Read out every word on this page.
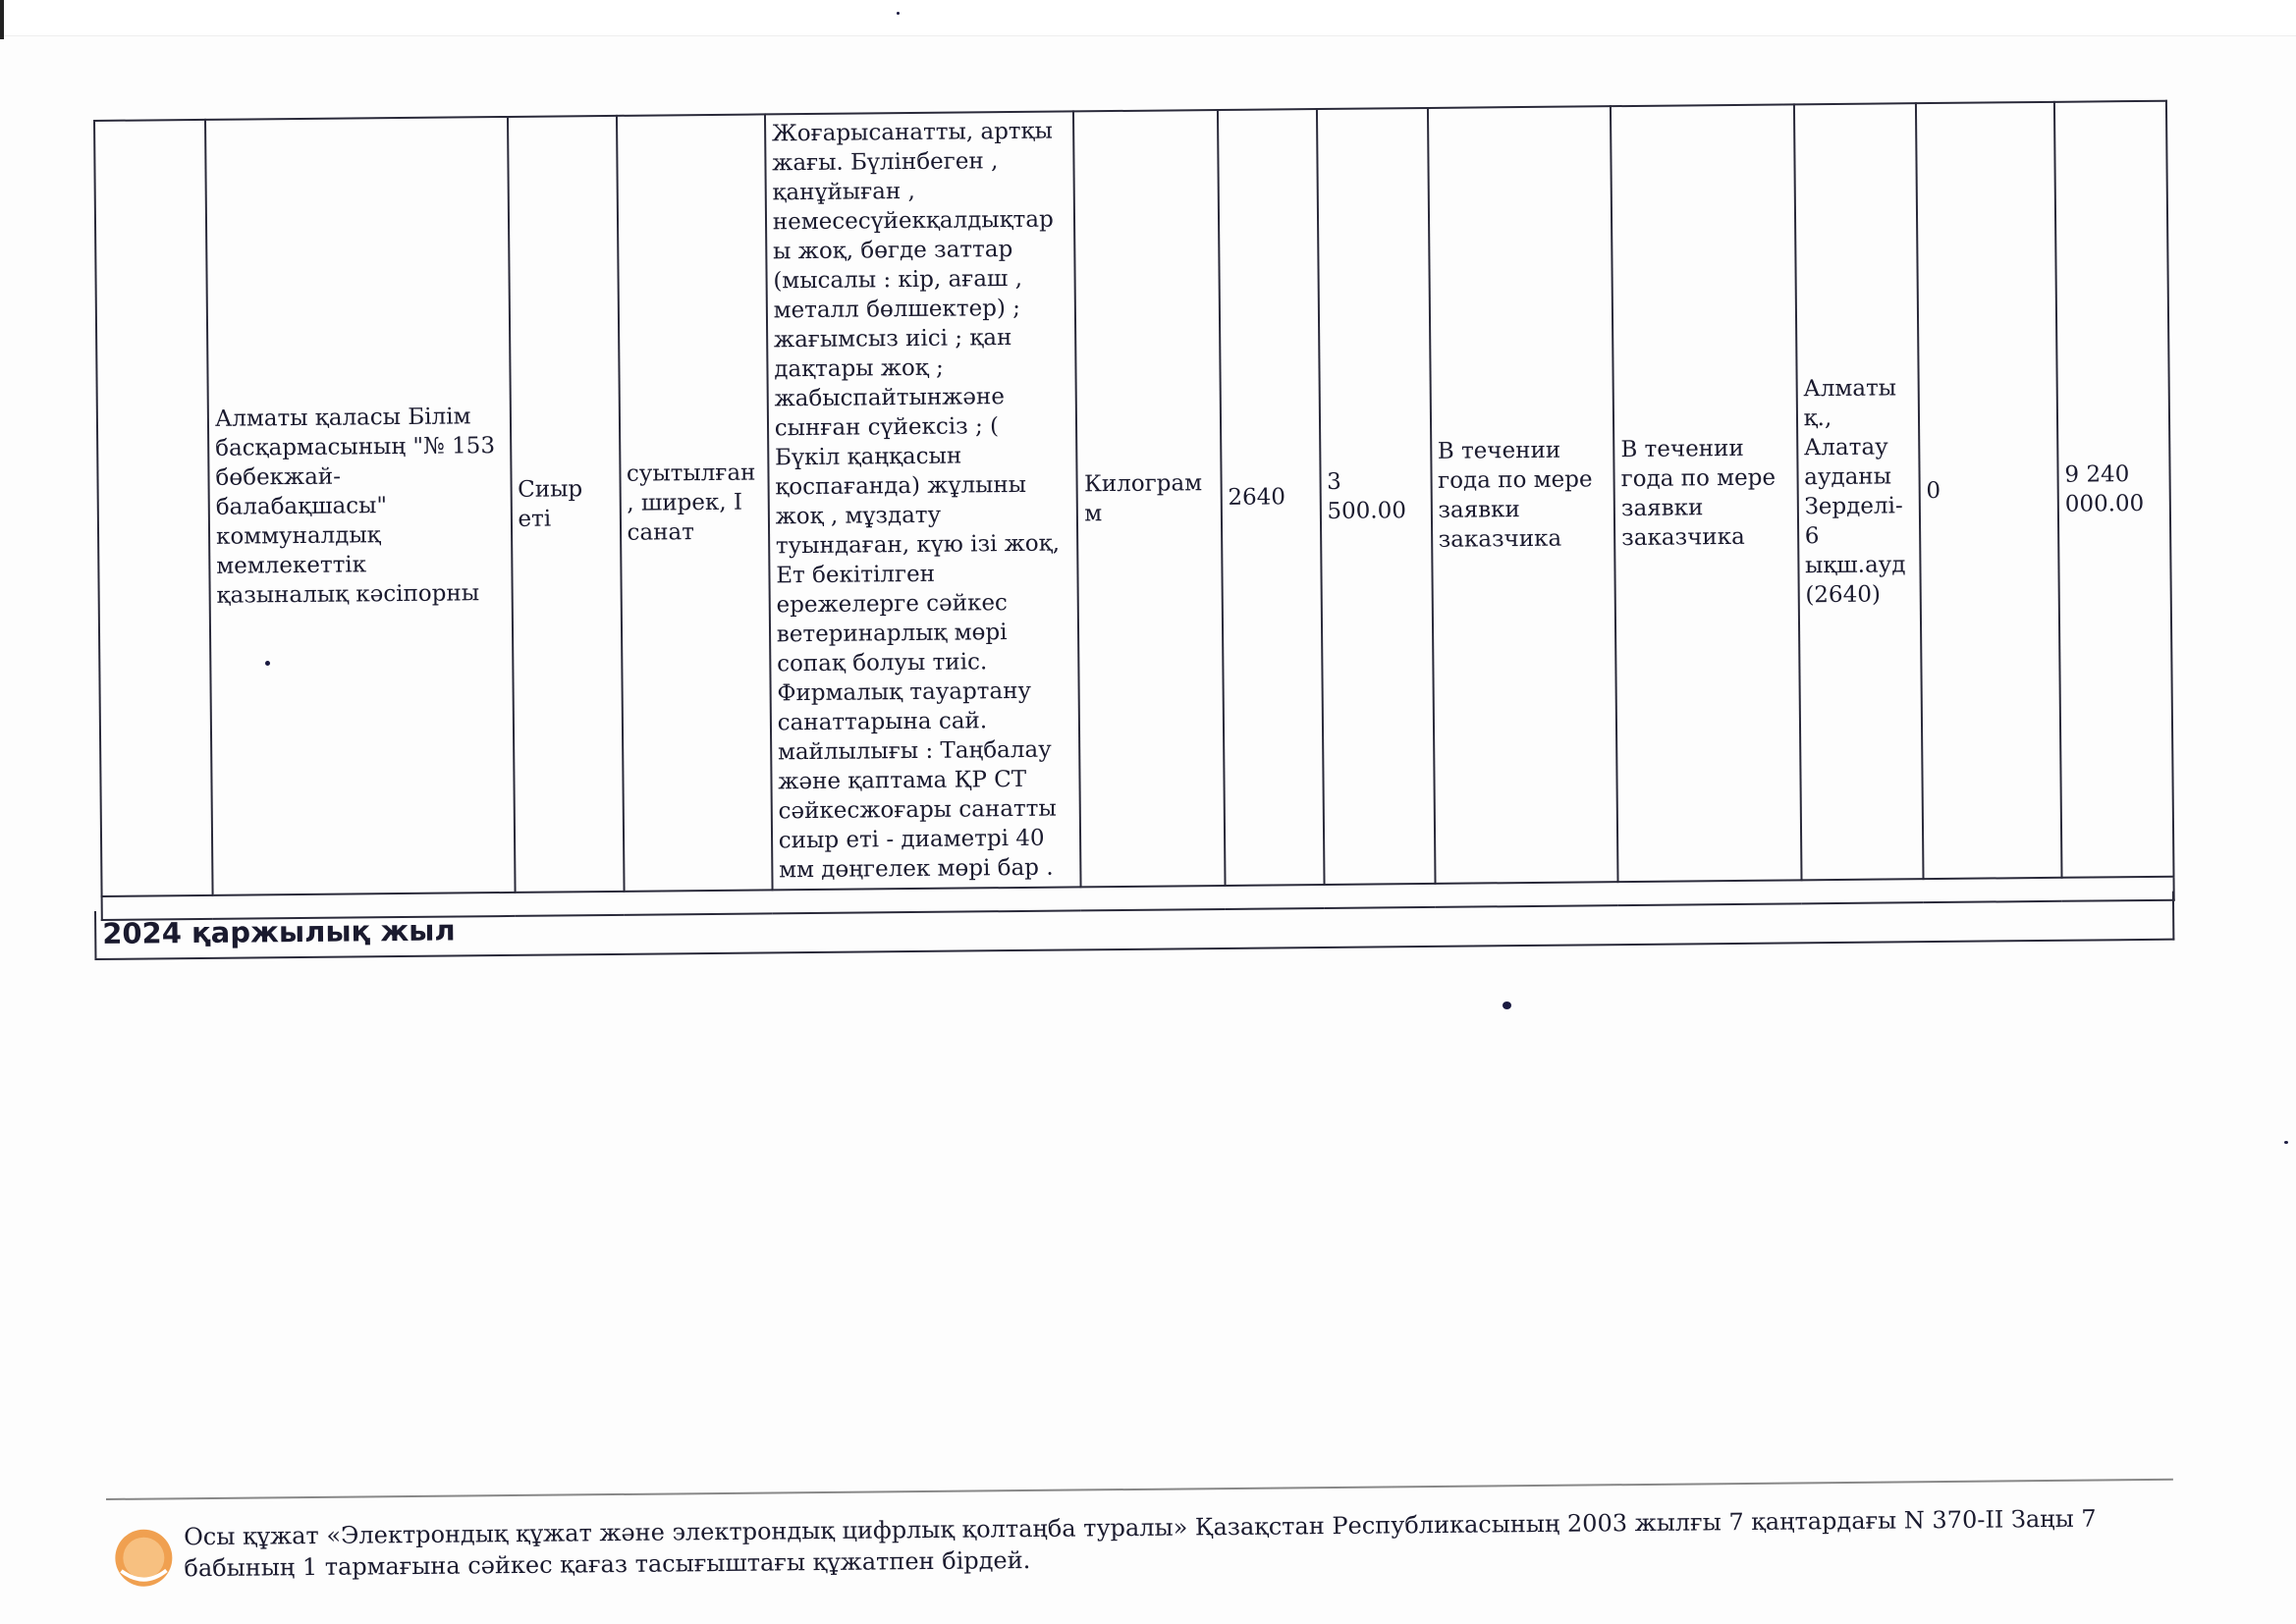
	Алматы қаласы Білім басқармасының "№ 153 бөбекжай-балабақшасы" коммуналдық мемлекеттік қазыналық кәсіпорны	Сиыр еті	суытылған, ширек, I санат	Жоғарысанатты, артқы жағы. Бүлінбеген , қанұйыған , немесесүйекқалдықтары жоқ, бөгде заттар (мысалы : кір, ағаш , металл бөлшектер) ; жағымсыз иісі ; қан дақтары жоқ ; жабыспайтынжәне сынған сүйексіз ; ( Бүкіл қаңқасын қоспағанда) жұлыны жоқ , мұздату туындаған, күю ізі жоқ, Ет бекітілген ережелерге сәйкес ветеринарлық мөрі сопақ болуы тиіс. Фирмалық тауартану санаттарына сай. майлылығы : Таңбалау және қаптама ҚР СТ сәйкесжоғары санатты сиыр еті - диаметрі 40 мм дөңгелек мөрі бар .	Килограмм	2640	3 500.00	В течении года по мере заявки заказчика	В течении года по мере заявки заказчика	Алматы қ., Алатау ауданы Зерделі-6 ықш.ауд (2640)	0	9 240 000.00

2024 қаржылық жыл
Осы құжат «Электрондық құжат және электрондық цифрлық қолтаңба туралы» Қазақстан Республикасының 2003 жылғы 7 қаңтардағы N 370-II Заңы 7 бабының 1 тармағына сәйкес қағаз тасығыштағы құжатпен бірдей.
